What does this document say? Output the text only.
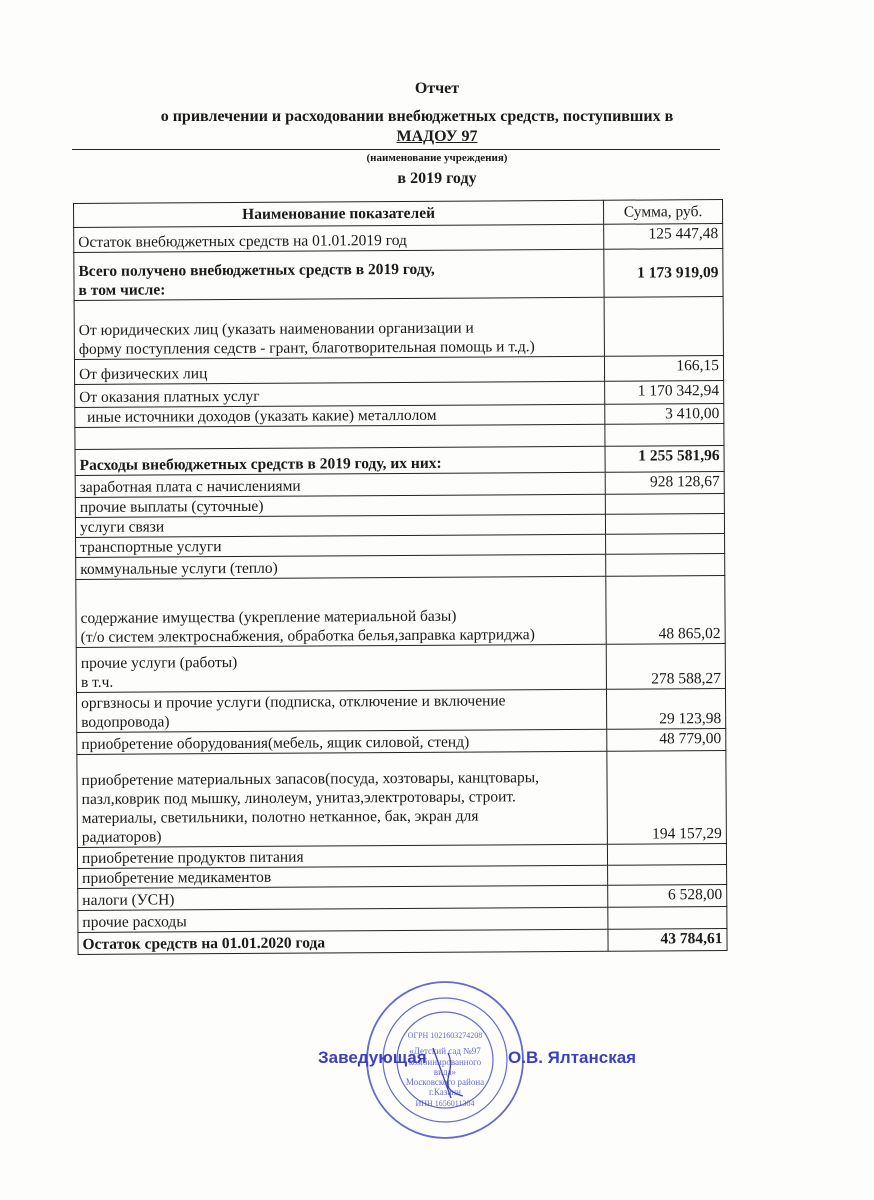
Отчет
о привлечении и расходовании внебюджетных средств, поступивших в
МАДОУ 97
(наименование учреждения)
в 2019 году
Наименование показателей	Сумма, руб.
Остаток внебюджетных средств на 01.01.2019 год	125 447,48
Всего получено внебюджетных средств в 2019 году,
в том числе:	1 173 919,09
От юридических лиц (указать наименовании организации и
форму поступления седств - грант, благотворительная помощь и т.д.)	
От физических лиц	166,15
От оказания платных услуг	1 170 342,94
иные источники доходов (указать какие) металлолом	3 410,00

Расходы внебюджетных средств в 2019 году, их них:	1 255 581,96
заработная плата с начислениями	928 128,67
прочие выплаты (суточные)	
услуги связи	
транспортные услуги	
коммунальные услуги (тепло)	
содержание имущества (укрепление материальной базы)
(т/о систем электроснабжения, обработка белья,заправка картриджа)	48 865,02
прочие услуги (работы)
в т.ч.	278 588,27
оргвзносы и прочие услуги (подписка, отключение и включение
водопровода)	29 123,98
приобретение оборудования(мебель, ящик силовой, стенд)	48 779,00
приобретение материальных запасов(посуда, хозтовары, канцтовары,
пазл,коврик под мышку, линолеум, унитаз,электротовары, строит.
материалы, светильники, полотно нетканное, бак, экран для
радиаторов)	194 157,29
приобретение продуктов питания	
приобретение медикаментов	
налоги (УСН)	6 528,00
прочие расходы	
Остаток средств на 01.01.2020 года	43 784,61
ОГРН 1021603274208
ИНН 1656011304
«Детский сад №97
комбинированного
вида»
Московского района
г.Казани
Заведующая	О.В. Ялтанская
